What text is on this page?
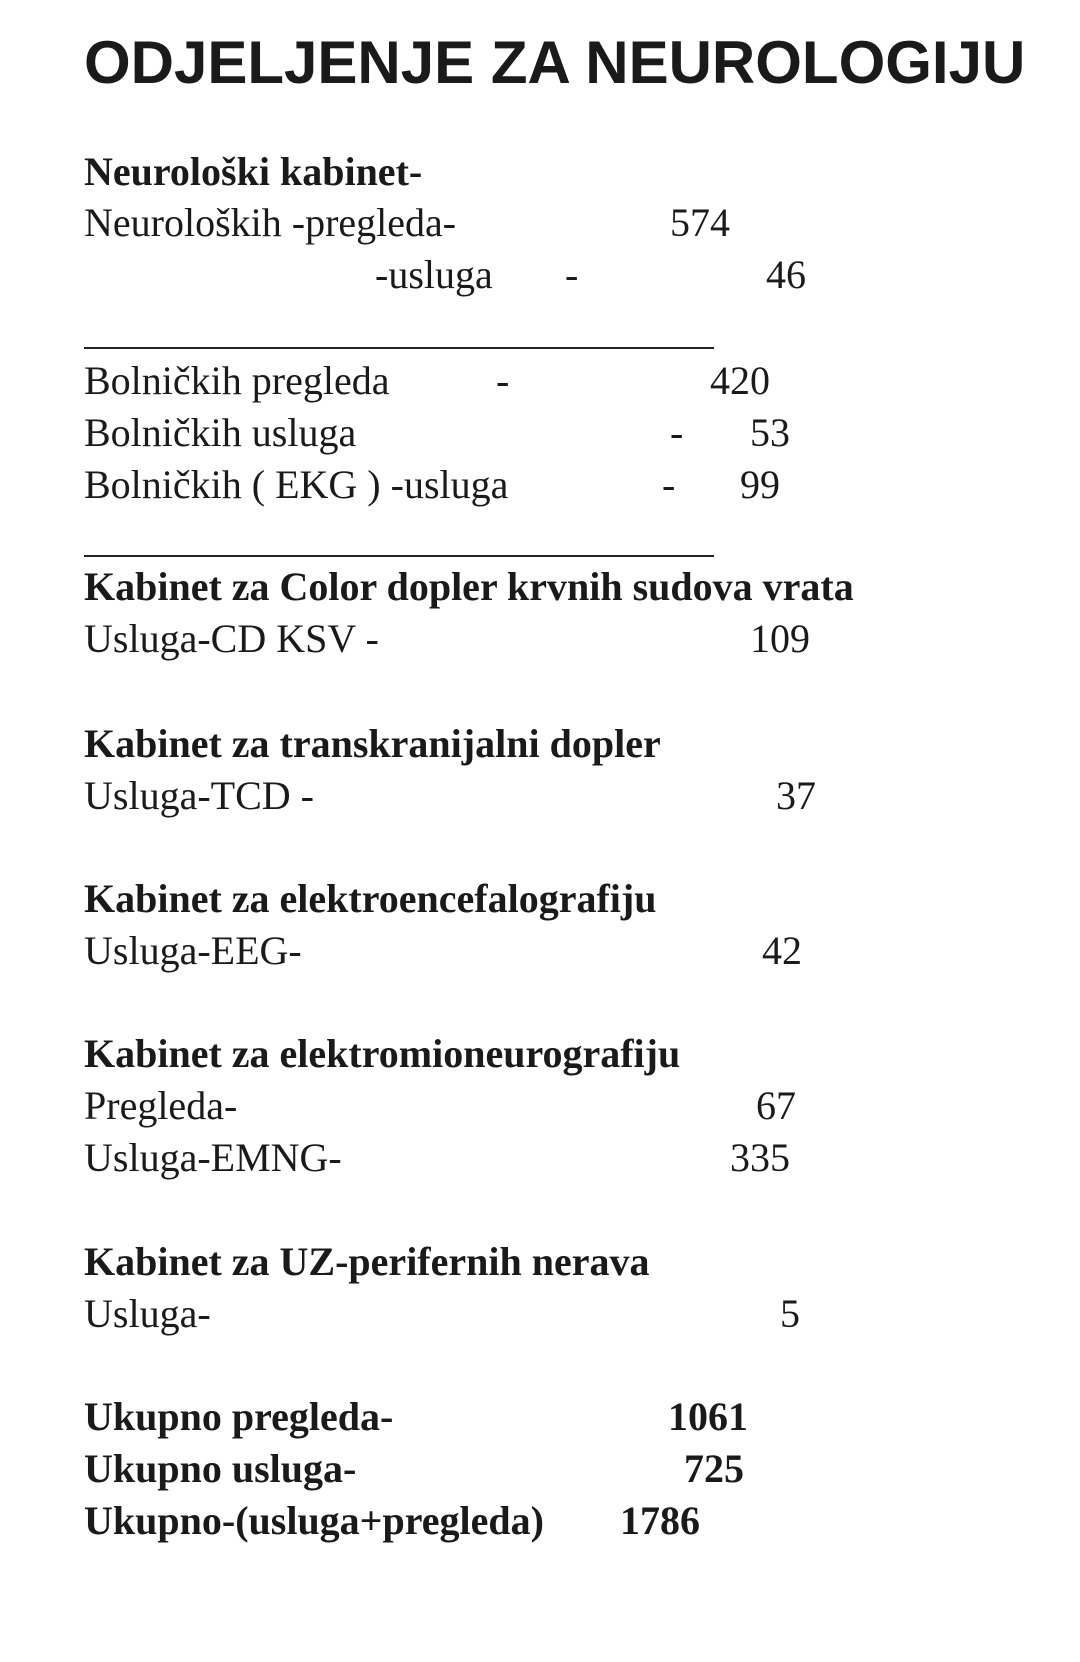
ODJELJENJE ZA NEUROLOGIJU
Neurološki kabinet-
Neuroloških -pregleda-	574
-usluga -	46
Bolničkih pregleda	-	420
Bolničkih usluga	-	53
Bolničkih ( EKG ) -usluga	-	99
Kabinet za Color dopler krvnih sudova vrata
Usluga-CD KSV -	109
Kabinet za transkranijalni dopler
Usluga-TCD -	37
Kabinet za elektroencefalografiju
Usluga-EEG-	42
Kabinet za elektromioneurografiju
Pregleda-	67
Usluga-EMNG-	335
Kabinet za UZ-perifernih nerava
Usluga-	5
Ukupno pregleda-	1061
Ukupno usluga-	725
Ukupno-(usluga+pregleda)	1786
